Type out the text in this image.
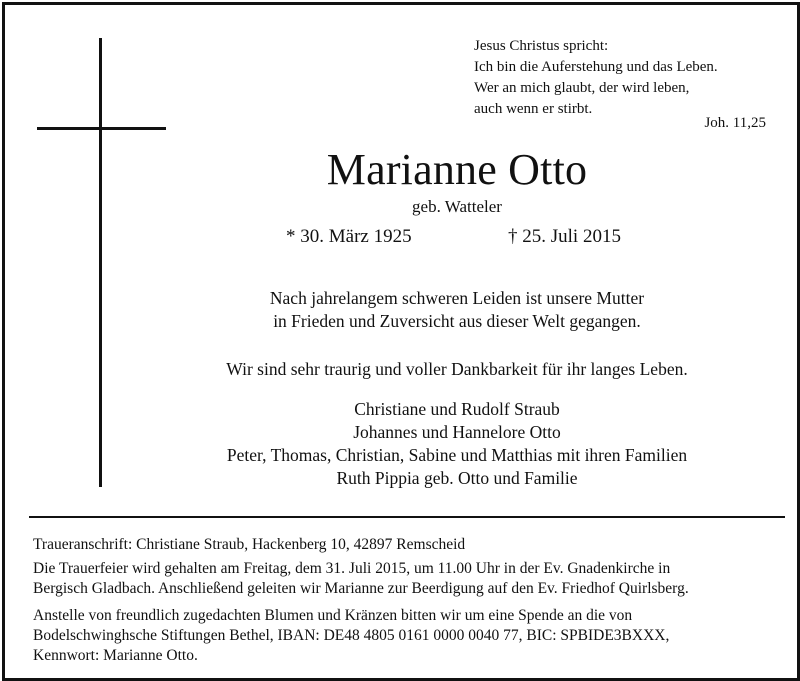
Jesus Christus spricht:
Ich bin die Auferstehung und das Leben.
Wer an mich glaubt, der wird leben,
auch wenn er stirbt.
Joh. 11,25
Marianne Otto
geb. Watteler
* 30. März 1925	† 25. Juli 2015
Nach jahrelangem schweren Leiden ist unsere Mutter
in Frieden und Zuversicht aus dieser Welt gegangen.
Wir sind sehr traurig und voller Dankbarkeit für ihr langes Leben.
Christiane und Rudolf Straub
Johannes und Hannelore Otto
Peter, Thomas, Christian, Sabine und Matthias mit ihren Familien
Ruth Pippia geb. Otto und Familie
Traueranschrift: Christiane Straub, Hackenberg 10, 42897 Remscheid
Die Trauerfeier wird gehalten am Freitag, dem 31. Juli 2015, um 11.00 Uhr in der Ev. Gnadenkirche in
Bergisch Gladbach. Anschließend geleiten wir Marianne zur Beerdigung auf den Ev. Friedhof Quirlsberg.
Anstelle von freundlich zugedachten Blumen und Kränzen bitten wir um eine Spende an die von
Bodelschwinghsche Stiftungen Bethel, IBAN: DE48 4805 0161 0000 0040 77, BIC: SPBIDE3BXXX,
Kennwort: Marianne Otto.
